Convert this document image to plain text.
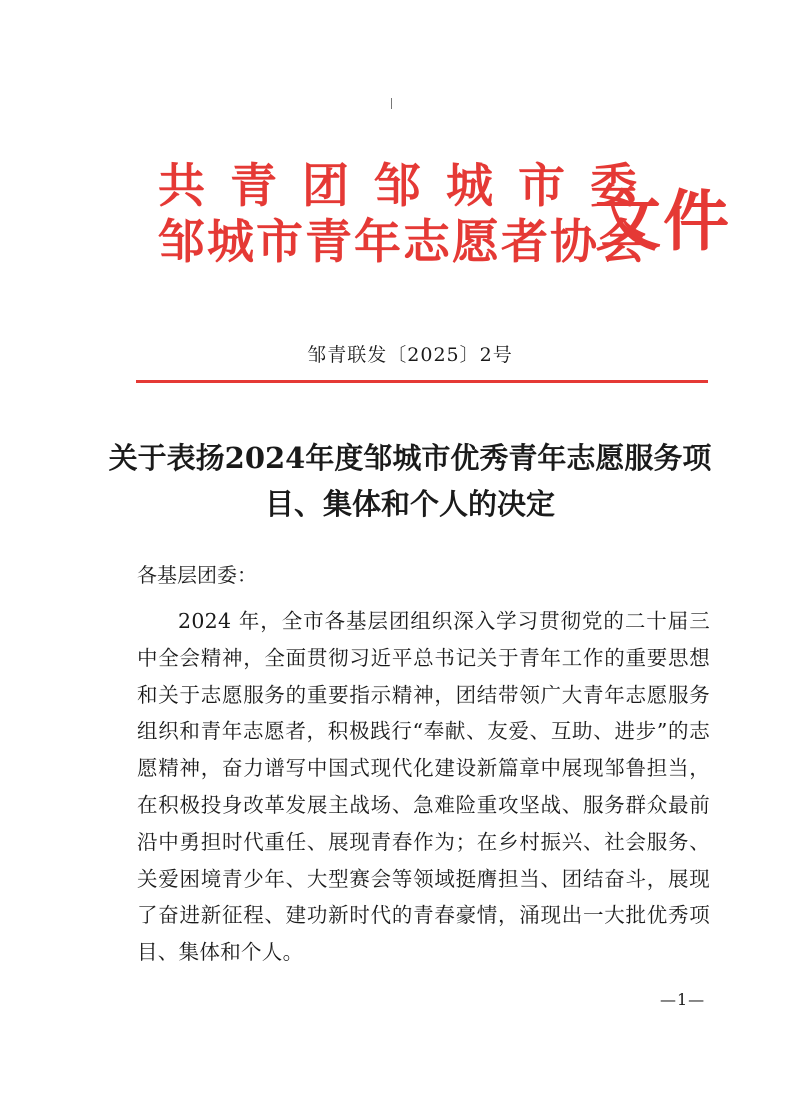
共青团邹城市委
邹城市青年志愿者协会
文件
邹青联发〔2025〕2号
关于表扬2024年度邹城市优秀青年志愿服务项目、集体和个人的决定
各基层团委：
2024 年，全市各基层团组织深入学习贯彻党的二十届三中全会精神，全面贯彻习近平总书记关于青年工作的重要思想和关于志愿服务的重要指示精神，团结带领广大青年志愿服务组织和青年志愿者，积极践行“奉献、友爱、互助、进步”的志愿精神，奋力谱写中国式现代化建设新篇章中展现邹鲁担当，在积极投身改革发展主战场、急难险重攻坚战、服务群众最前沿中勇担时代重任、展现青春作为；在乡村振兴、社会服务、关爱困境青少年、大型赛会等领域挺膺担当、团结奋斗，展现了奋进新征程、建功新时代的青春豪情，涌现出一大批优秀项目、集体和个人。
—1—
